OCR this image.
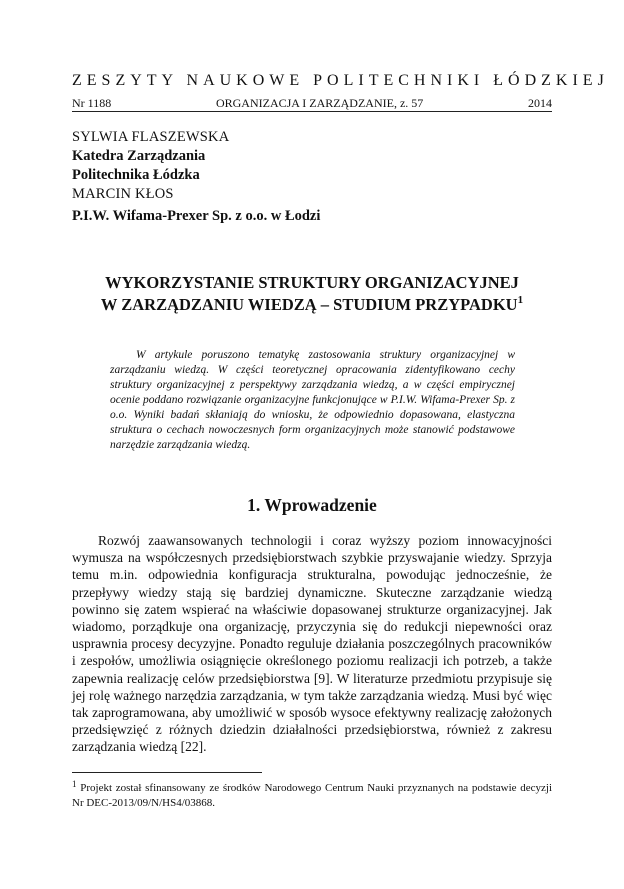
ZESZYTY NAUKOWE POLITECHNIKI ŁÓDZKIEJ
Nr 1188	ORGANIZACJA I ZARZĄDZANIE, z. 57	2014
SYLWIA FLASZEWSKA
Katedra Zarządzania
Politechnika Łódzka
MARCIN KŁOS
P.I.W. Wifama-Prexer Sp. z o.o. w Łodzi
WYKORZYSTANIE STRUKTURY ORGANIZACYJNEJ
W ZARZĄDZANIU WIEDZĄ – STUDIUM PRZYPADKU$^1$
W artykule poruszono tematykę zastosowania struktury organizacyjnej w zarządzaniu wiedzą. W części teoretycznej opracowania zidentyfikowano cechy struktury organizacyjnej z perspektywy zarządzania wiedzą, a w części empirycznej ocenie poddano rozwiązanie organizacyjne funkcjonujące w P.I.W. Wifama-Prexer Sp. z o.o. Wyniki badań skłaniają do wniosku, że odpowiednio dopasowana, elastyczna struktura o cechach nowoczesnych form organizacyjnych może stanowić podstawowe narzędzie zarządzania wiedzą.
1. Wprowadzenie
Rozwój zaawansowanych technologii i coraz wyższy poziom innowacyjności wymusza na współczesnych przedsiębiorstwach szybkie przyswajanie wiedzy. Sprzyja temu m.in. odpowiednia konfiguracja strukturalna, powodując jednocześnie, że przepływy wiedzy stają się bardziej dynamiczne. Skuteczne zarządzanie wiedzą powinno się zatem wspierać na właściwie dopasowanej strukturze organizacyjnej. Jak wiadomo, porządkuje ona organizację, przyczynia się do redukcji niepewności oraz usprawnia procesy decyzyjne. Ponadto reguluje działania poszczególnych pracowników i zespołów, umożliwia osiągnięcie określonego poziomu realizacji ich potrzeb, a także zapewnia realizację celów przedsiębiorstwa [9]. W literaturze przedmiotu przypisuje się jej rolę ważnego narzędzia zarządzania, w tym także zarządzania wiedzą. Musi być więc tak zaprogramowana, aby umożliwić w sposób wysoce efektywny realizację założonych przedsięwzięć z różnych dziedzin działalności przedsiębiorstwa, również z zakresu zarządzania wiedzą [22].
$^1$ Projekt został sfinansowany ze środków Narodowego Centrum Nauki przyznanych na podstawie decyzji Nr DEC-2013/09/N/HS4/03868.
